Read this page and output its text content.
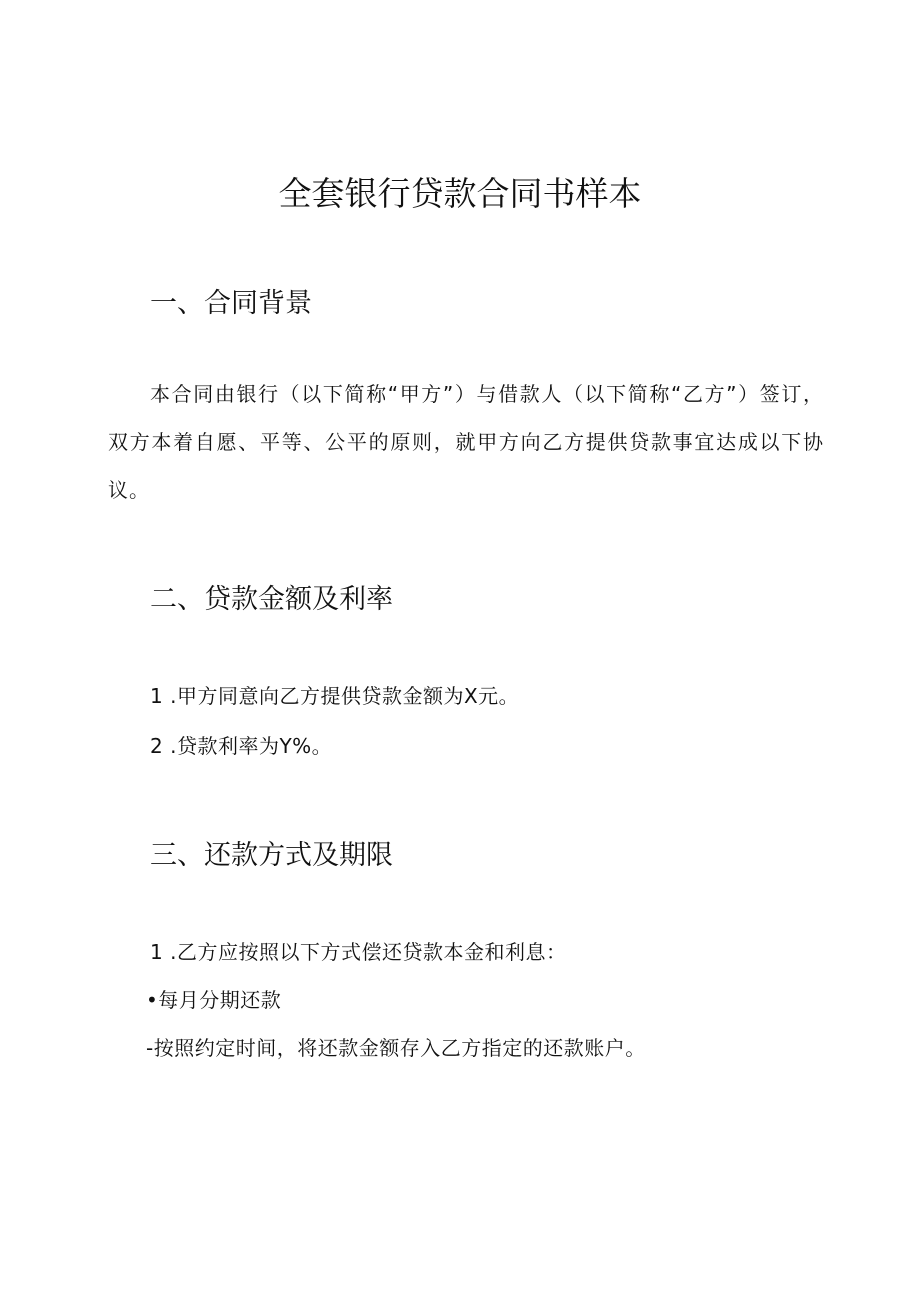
全套银行贷款合同书样本
一、合同背景

本合同由银行（以下简称“甲方”）与借款人（以下简称“乙方”）签订，双方本着自愿、平等、公平的原则，就甲方向乙方提供贷款事宜达成以下协议。

二、贷款金额及利率

1 .甲方同意向乙方提供贷款金额为X元。

2 .贷款利率为Y%。

三、还款方式及期限

1 .乙方应按照以下方式偿还贷款本金和利息：

•每月分期还款

-按照约定时间，将还款金额存入乙方指定的还款账户。
